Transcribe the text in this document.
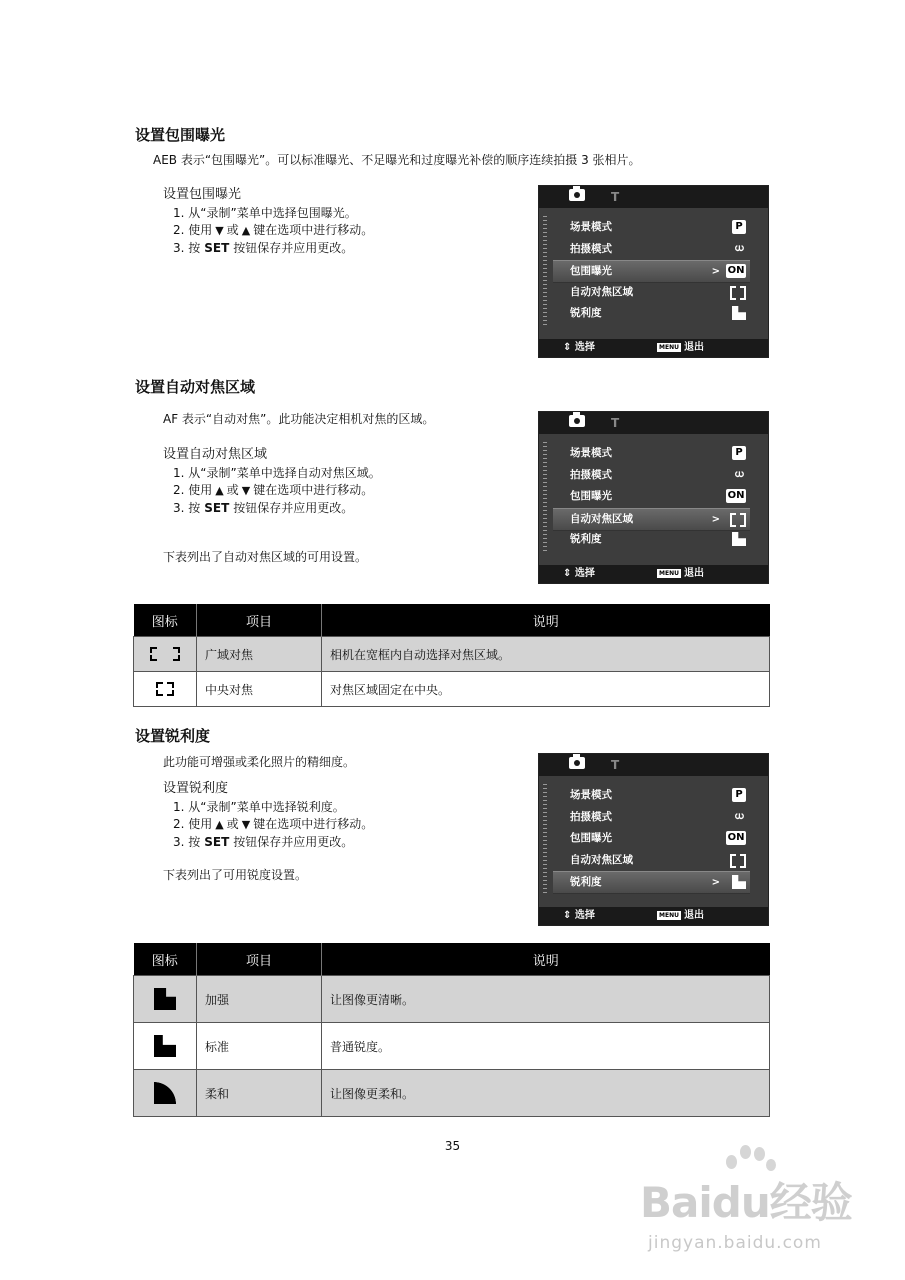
设置包围曝光
AEB 表示“包围曝光”。可以标准曝光、不足曝光和过度曝光补偿的顺序连续拍摄 3 张相片。
设置包围曝光
1. 从“录制”菜单中选择包围曝光。
2. 使用 ▼ 或 ▲ 键在选项中进行移动。
3. 按 SET 按钮保存并应用更改。
T
场景模式	P
拍摄模式	ധ
包围曝光	> ON
自动对焦区域
锐利度
⇕ 选择	MENU 退出
设置自动对焦区域
AF 表示“自动对焦”。此功能决定相机对焦的区域。
设置自动对焦区域
1. 从“录制”菜单中选择自动对焦区域。
2. 使用 ▲ 或 ▼ 键在选项中进行移动。
3. 按 SET 按钮保存并应用更改。
下表列出了自动对焦区域的可用设置。
T
场景模式	P
拍摄模式	ധ
包围曝光	ON
自动对焦区域	>
锐利度
⇕ 选择	MENU 退出
图标	项目	说明

	广域对焦	相机在宽框内自动选择对焦区域。

	中央对焦	对焦区域固定在中央。
设置锐利度
此功能可增强或柔化照片的精细度。
设置锐利度
1. 从“录制”菜单中选择锐利度。
2. 使用 ▲ 或 ▼ 键在选项中进行移动。
3. 按 SET 按钮保存并应用更改。
下表列出了可用锐度设置。
T
场景模式	P
拍摄模式	ധ
包围曝光	ON
自动对焦区域
锐利度	>
⇕ 选择	MENU 退出
图标	项目	说明
	加强	让图像更清晰。
	标准	普通锐度。
	柔和	让图像更柔和。
35
Baidu经验
jingyan.baidu.com
